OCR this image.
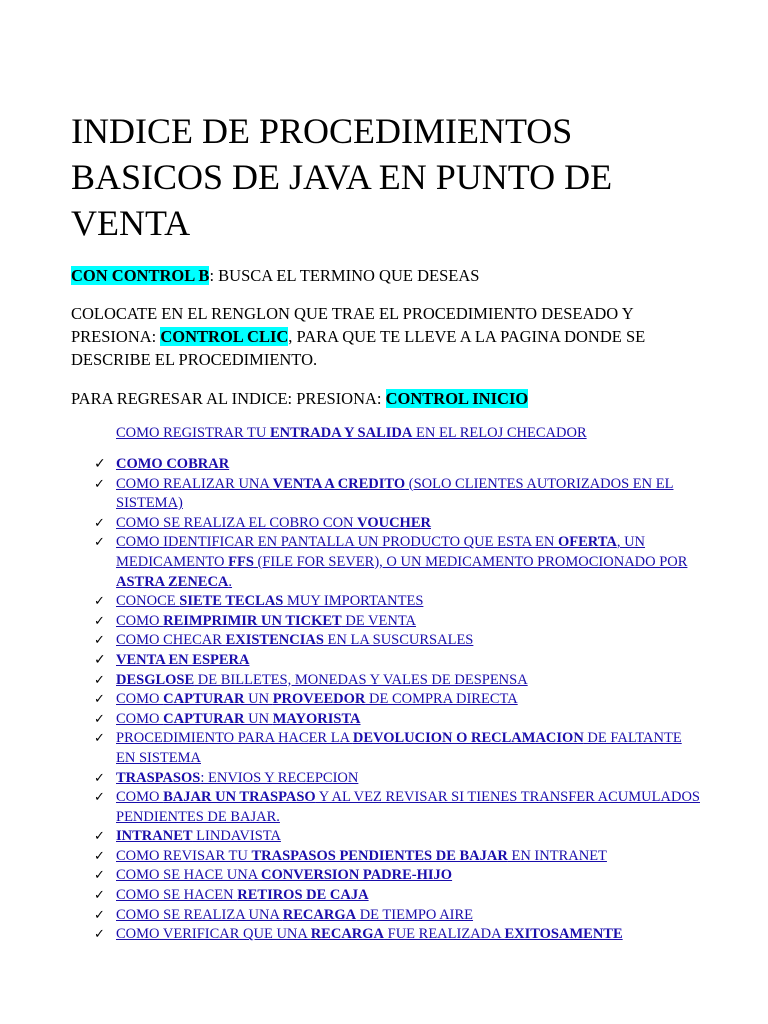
INDICE DE PROCEDIMIENTOS BASICOS DE JAVA EN PUNTO DE VENTA

CON CONTROL B: BUSCA EL TERMINO QUE DESEAS

COLOCATE EN EL RENGLON QUE TRAE EL PROCEDIMIENTO DESEADO Y PRESIONA: CONTROL CLIC, PARA QUE TE LLEVE A LA PAGINA DONDE SE DESCRIBE EL PROCEDIMIENTO.

PARA REGRESAR AL INDICE: PRESIONA: CONTROL INICIO

COMO REGISTRAR TU ENTRADA Y SALIDA EN EL RELOJ CHECADOR
✓ COMO COBRAR
✓ COMO REALIZAR UNA VENTA A CREDITO (SOLO CLIENTES AUTORIZADOS EN EL SISTEMA)
✓ COMO SE REALIZA EL COBRO CON VOUCHER
✓ COMO IDENTIFICAR EN PANTALLA UN PRODUCTO QUE ESTA EN OFERTA, UN MEDICAMENTO FFS (FILE FOR SEVER), O UN MEDICAMENTO PROMOCIONADO POR ASTRA ZENECA.
✓ CONOCE SIETE TECLAS MUY IMPORTANTES
✓ COMO REIMPRIMIR UN TICKET DE VENTA
✓ COMO CHECAR EXISTENCIAS EN LA SUSCURSALES
✓ VENTA EN ESPERA
✓ DESGLOSE DE BILLETES, MONEDAS Y VALES DE DESPENSA
✓ COMO CAPTURAR UN PROVEEDOR DE COMPRA DIRECTA
✓ COMO CAPTURAR UN MAYORISTA
✓ PROCEDIMIENTO PARA HACER LA DEVOLUCION O RECLAMACION DE FALTANTE EN SISTEMA
✓ TRASPASOS: ENVIOS Y RECEPCION
✓ COMO BAJAR UN TRASPASO Y AL VEZ REVISAR SI TIENES TRANSFER ACUMULADOS PENDIENTES DE BAJAR.
✓ INTRANET LINDAVISTA
✓ COMO REVISAR TU TRASPASOS PENDIENTES DE BAJAR EN INTRANET
✓ COMO SE HACE UNA CONVERSION PADRE-HIJO
✓ COMO SE HACEN RETIROS DE CAJA
✓ COMO SE REALIZA UNA RECARGA DE TIEMPO AIRE
✓ COMO VERIFICAR QUE UNA RECARGA FUE REALIZADA EXITOSAMENTE
